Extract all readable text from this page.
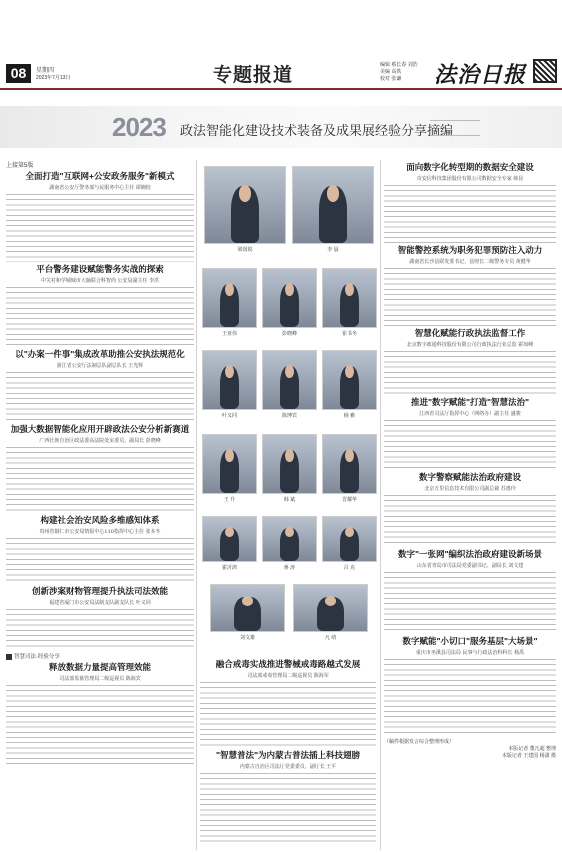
08	星期四
2023年7月13日	专题报道	编辑 蔡长春 刘浩
美编 高铁
校对 张谦	法治日报
2023 政法智能化建设技术装备及成果展经验分享摘编
上接第5版
全面打造"互联网+公安政务服务"新模式
湖南省公安厅警务部与民服务中心主任 谭湘校
平台警务建设赋能警务实战的探索
中关村和学城城市大脑联合科智尚 公安局副主任 李洪
以"办案一件事"集成改革助推公安执法规范化
浙江省公安厅法制总队副总队长 王光辉
加强大数据智能化应用开辟政法公安分析新赛道
广西壮族自治区政法委高法院处室委员，副局长 彭晓峰
构建社会治安风险多维感知体系
贵州省铜仁市公安局情报中心110指挥中心主任 张本冬
创新涉案财物管理提升执法司法效能
福建省厦门市公安局法制支队副支队长 叶义同
智慧司法·经验分享
释放数据力量提高管理效能
司法部监狱管理局二级巡视员 陈海宾
融合戒毒实战推进警械戒毒路越式发展
司法部戒毒管理局二级巡视员 陈海军
"智慧普法"为内蒙古普法插上科技翅膀
内蒙古自治区司法厅党委委员，副厅长 王平
面向数字化转型期的数据安全建设
奇安信科技集团股份有限公司数据安全专家 韩昆
智能警控系统为职务犯罪预防注入动力
湖南省长沙县联发委书记，县财长二级警务专员 黄健华
智慧化赋能行政执法监督工作
北京数字政通科技股份有限公司行政执法行业总监 霍如峰
推进"数字赋能"打造"智慧法治"
江西省司法厅指挥中心（网络办）副主任 盛骏
数字警察赋能法治政府建设
北京万里信息技术有限公司副总裁 苏惠玲
数字"一张网"编织法治政府建设新场景
山东省青岛市司法局党委副书记、副局长 刘文建
数字赋能"小切口"服务基层"大场景"
重庆市巫溪县司法局 民事与行政法治科科长 杨禹
（稿件根据发言综合整理形成）
本版记者 董凡超 整理
本版记者 王建国 杨潇 摄
梁国锐	李 晨
王亚伟	彭晓峰	崔书冬
叶义同	陈博宾	杨 雅
王 升	韩 斌	晋耀华
霍沂鸿	蒋 涛	吕 克
刘文雄	凡 靖
